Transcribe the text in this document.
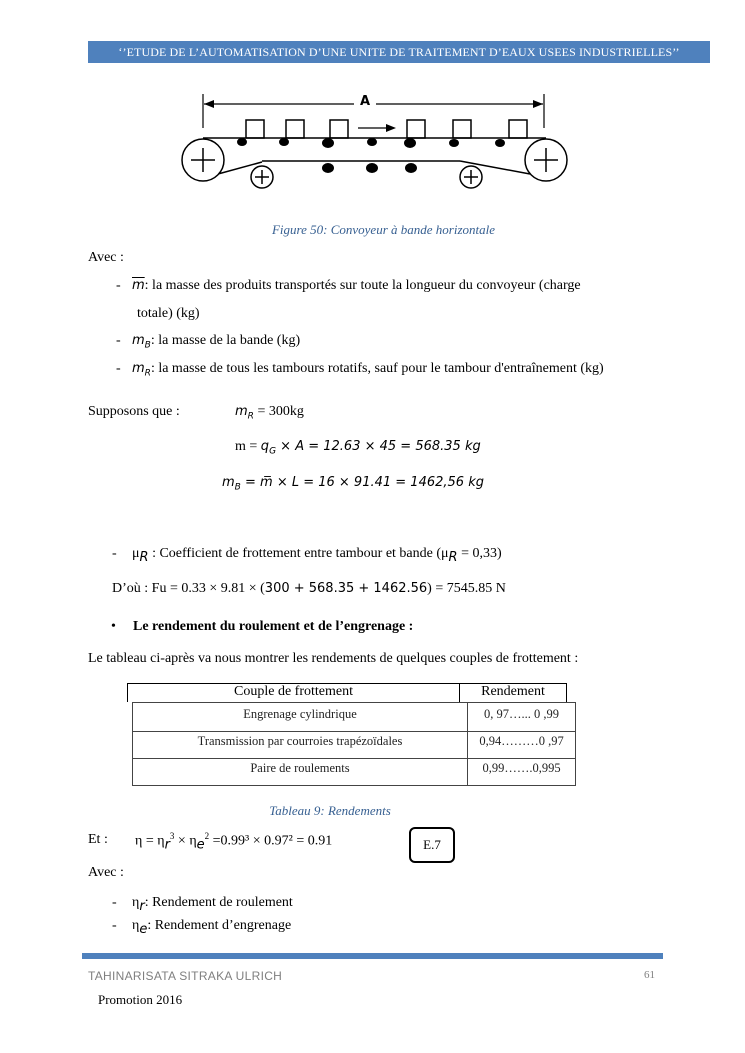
‘’ETUDE DE L’AUTOMATISATION D’UNE UNITE DE TRAITEMENT D’EAUX USEES INDUSTRIELLES’’
A
Figure 50: Convoyeur à bande horizontale
Avec :
- $\overline{m}$: la masse des produits transportés sur toute la longueur du convoyeur (charge
totale) (kg)
- $m_B$: la masse de la bande (kg)
- $m_R$: la masse de tous les tambours rotatifs, sauf pour le tambour d'entraînement (kg)
Supposons que :	$m_R = 300kg$
$m = q_G \times A = 12.63 \times 45 = 568.35$ kg
$m_B$ = m̅ × L = 16 × 91.41 = 1462,56 kg
- $\mu_R$ : Coefficient de frottement entre tambour et bande $(\mu_R = 0,33)$
D’où : Fu = 0.33 × 9.81 × (300 + 568.35 + 1462.56) = 7545.85 N
• Le rendement du roulement et de l’engrenage :
Le tableau ci-après va nous montrer les rendements de quelques couples de frottement :
Couple de frottement	Rendement
Engrenage cylindrique	0, 97…... 0 ,99
Transmission par courroies trapézoïdales	0,94………0 ,97
Paire de roulements	0,99…….0,995
Tableau 9: Rendements
Et : $\eta = \eta_r^3 \times \eta_e^2 =0.99^3 \times 0.97^2 = 0.91$	E.7
Avec :
- $\eta_r$: Rendement de roulement
- $\eta_e$: Rendement d’engrenage
TAHINARISATA SITRAKA ULRICH	61
Promotion 2016
